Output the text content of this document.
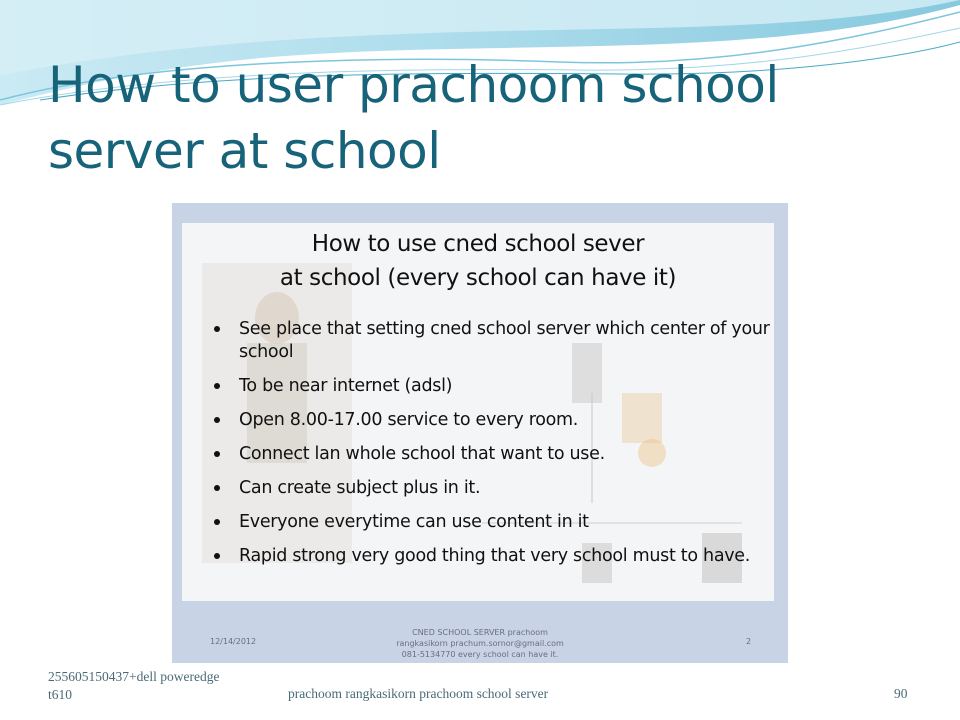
How to user prachoom school
server at school
How to use cned school sever
at school (every school can have it)
See place that setting cned school server which center of your school
To be near internet (adsl)
Open 8.00-17.00 service to every room.
Connect lan whole school that want to use.
Can create subject plus in it.
Everyone everytime can use content in it
Rapid strong very good thing that very school must to have.
12/14/2012
CNED SCHOOL SERVER prachoom
rangkasikorn prachum.sornor@gmail.com
081-5134770 every school can have it.
2
255605150437+dell poweredge
t610	prachoom rangkasikorn prachoom school server	90
